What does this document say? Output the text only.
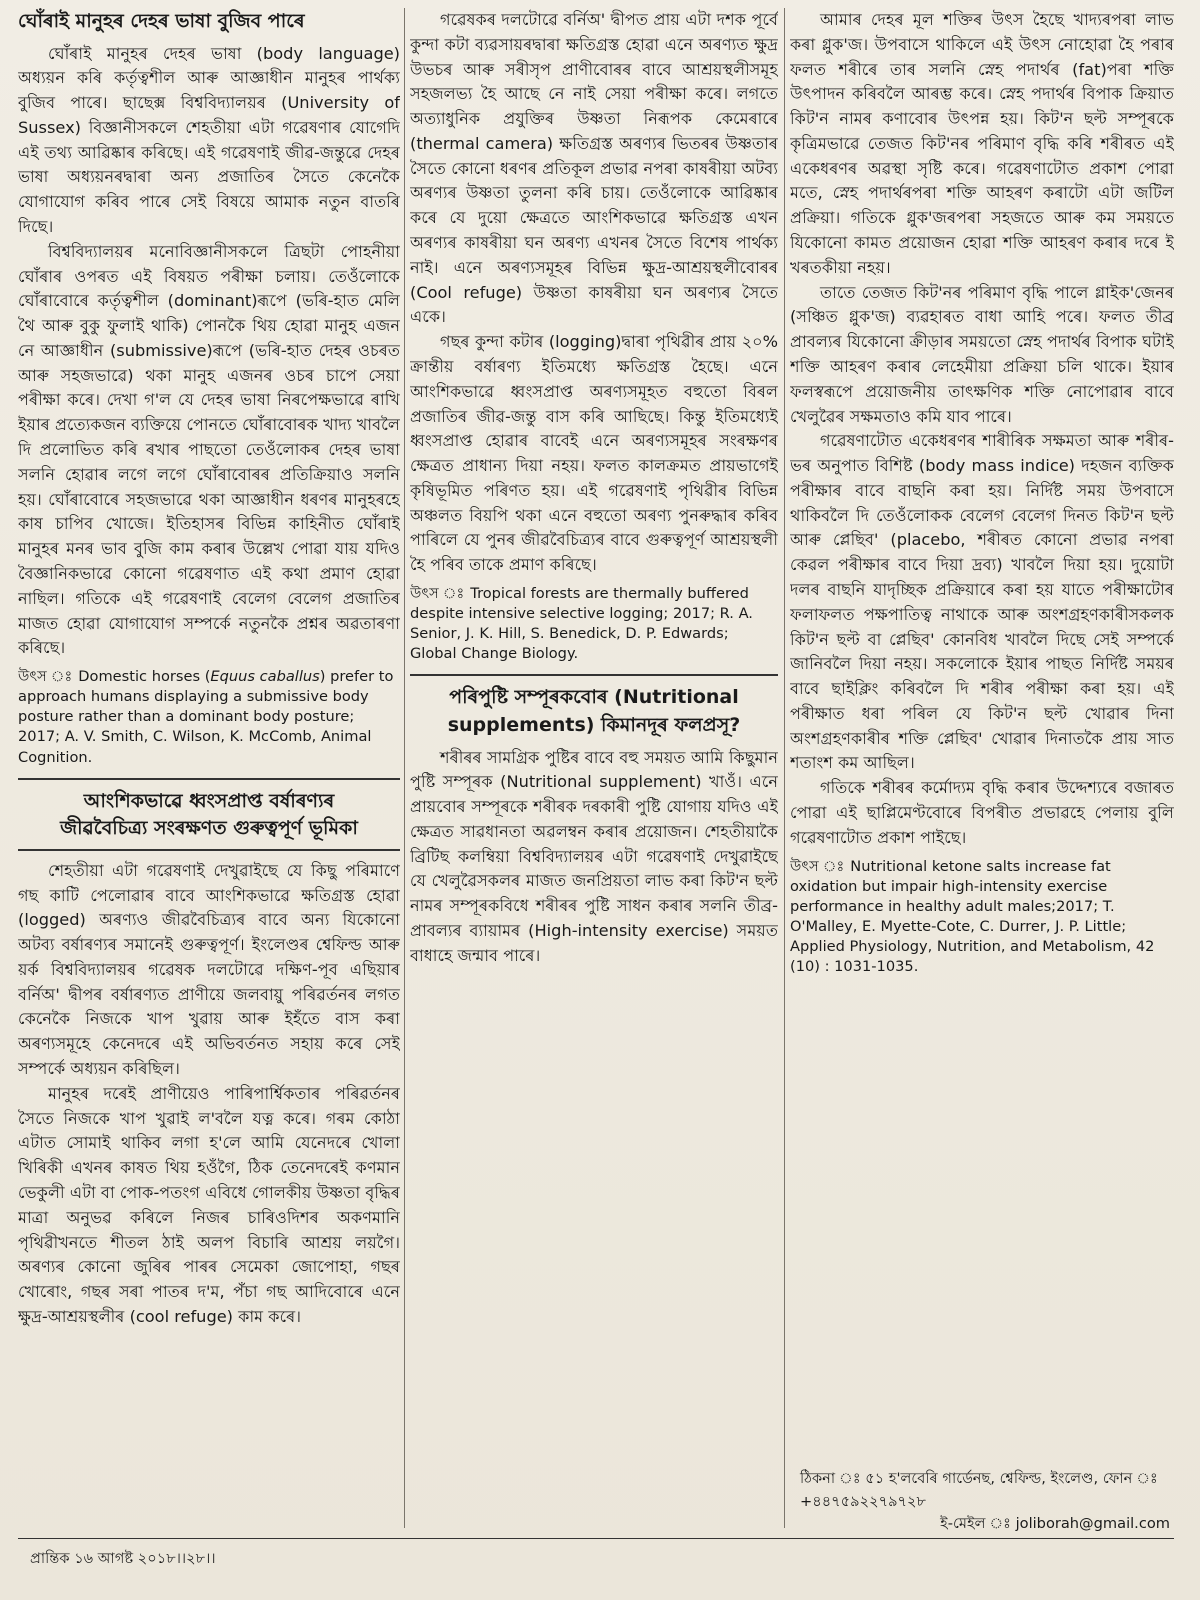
ঘোঁৰাই মানুহৰ দেহৰ ভাষা বুজিব পাৰে

ঘোঁৰাই মানুহৰ দেহৰ ভাষা (body language) অধ্যয়ন কৰি কৰ্তৃত্বশীল আৰু আজ্ঞাধীন মানুহৰ পাৰ্থক্য বুজিব পাৰে। ছাছেক্স বিশ্ববিদ্যালয়ৰ (University of Sussex) বিজ্ঞানীসকলে শেহতীয়া এটা গৱেষণাৰ যোগেদি এই তথ্য আৱিষ্কাৰ কৰিছে। এই গৱেষণাই জীৱ-জন্তুৱে দেহৰ ভাষা অধ্যয়নৰদ্বাৰা অন্য প্ৰজাতিৰ সৈতে কেনেকৈ যোগাযোগ কৰিব পাৰে সেই বিষয়ে আমাক নতুন বাতৰি দিছে।

বিশ্ববিদ্যালয়ৰ মনোবিজ্ঞানীসকলে ত্ৰিছটা পোহনীয়া ঘোঁৰাৰ ওপৰত এই বিষয়ত পৰীক্ষা চলায়। তেওঁলোকে ঘোঁৰাবোৰে কৰ্তৃত্বশীল (dominant)ৰূপে (ভৰি-হাত মেলি থৈ আৰু বুকু ফুলাই থাকি) পোনকৈ থিয় হোৱা মানুহ এজন নে আজ্ঞাধীন (submissive)ৰূপে (ভৰি-হাত দেহৰ ওচৰত আৰু সহজভাৱে) থকা মানুহ এজনৰ ওচৰ চাপে সেয়া পৰীক্ষা কৰে। দেখা গ'ল যে দেহৰ ভাষা নিৰপেক্ষভাৱে ৰাখি ইয়াৰ প্ৰত্যেকজন ব্যক্তিয়ে পোনতে ঘোঁৰাবোৰক খাদ্য খাবলৈ দি প্ৰলোভিত কৰি ৰখাৰ পাছতো তেওঁলোকৰ দেহৰ ভাষা সলনি হোৱাৰ লগে লগে ঘোঁৰাবোৰৰ প্ৰতিক্ৰিয়াও সলনি হয়। ঘোঁৰাবোৰে সহজভাৱে থকা আজ্ঞাধীন ধৰণৰ মানুহৰহে কাষ চাপিব খোজে। ইতিহাসৰ বিভিন্ন কাহিনীত ঘোঁৰাই মানুহৰ মনৰ ভাব বুজি কাম কৰাৰ উল্লেখ পোৱা যায় যদিও বৈজ্ঞানিকভাৱে কোনো গৱেষণাত এই কথা প্ৰমাণ হোৱা নাছিল। গতিকে এই গৱেষণাই বেলেগ বেলেগ প্ৰজাতিৰ মাজত হোৱা যোগাযোগ সম্পৰ্কে নতুনকৈ প্ৰশ্নৰ অৱতাৰণা কৰিছে।

উৎস ঃ Domestic horses (Equus caballus) prefer to approach humans displaying a submissive body posture rather than a dominant body posture; 2017; A. V. Smith, C. Wilson, K. McComb, Animal Cognition.

আংশিকভাৱে ধ্বংসপ্ৰাপ্ত বৰ্ষাৰণ্যৰ
জীৱবৈচিত্ৰ্য সংৰক্ষণত গুৰুত্বপূৰ্ণ ভূমিকা

শেহতীয়া এটা গৱেষণাই দেখুৱাইছে যে কিছু পৰিমাণে গছ কাটি পেলোৱাৰ বাবে আংশিকভাৱে ক্ষতিগ্ৰস্ত হোৱা (logged) অৰণ্যও জীৱবৈচিত্ৰ্যৰ বাবে অন্য যিকোনো অটব্য বৰ্ষাৰণ্যৰ সমানেই গুৰুত্বপূৰ্ণ। ইংলেণ্ডৰ শ্বেফিল্ড আৰু য়ৰ্ক বিশ্ববিদ্যালয়ৰ গৱেষক দলটোৱে দক্ষিণ-পূব এছিয়াৰ বৰ্নিঅ' দ্বীপৰ বৰ্ষাৰণ্যত প্ৰাণীয়ে জলবায়ু পৰিৱৰ্তনৰ লগত কেনেকৈ নিজকে খাপ খুৱায় আৰু ইহঁতে বাস কৰা অৰণ্যসমূহে কেনেদৰে এই অভিবৰ্তনত সহায় কৰে সেই সম্পৰ্কে অধ্যয়ন কৰিছিল।

মানুহৰ দৰেই প্ৰাণীয়েও পাৰিপাৰ্শ্বিকতাৰ পৰিৱৰ্তনৰ সৈতে নিজকে খাপ খুৱাই ল'বলৈ যত্ন কৰে। গৰম কোঠা এটাত সোমাই থাকিব লগা হ'লে আমি যেনেদৰে খোলা খিৰিকী এখনৰ কাষত থিয় হওঁগৈ, ঠিক তেনেদৰেই কণমান ভেকুলী এটা বা পোক-পতংগ এবিধে গোলকীয় উষ্ণতা বৃদ্ধিৰ মাত্ৰা অনুভৱ কৰিলে নিজৰ চাৰিওদিশৰ অকণমানি পৃথিৱীখনতে শীতল ঠাই অলপ বিচাৰি আশ্ৰয় লয়গৈ। অৰণ্যৰ কোনো জুৰিৰ পাৰৰ সেমেকা জোপোহা, গছৰ খোৰোং, গছৰ সৰা পাতৰ দ'ম, পঁচা গছ আদিবোৰে এনে ক্ষুদ্ৰ-আশ্ৰয়স্থলীৰ (cool refuge) কাম কৰে।

গৱেষকৰ দলটোৱে বৰ্নিঅ' দ্বীপত প্ৰায় এটা দশক পূৰ্বে কুন্দা কটা ব্যৱসায়ৰদ্বাৰা ক্ষতিগ্ৰস্ত হোৱা এনে অৰণ্যত ক্ষুদ্ৰ উভচৰ আৰু সৰীসৃপ প্ৰাণীবোৰৰ বাবে আশ্ৰয়স্থলীসমূহ সহজলভ্য হৈ আছে নে নাই সেয়া পৰীক্ষা কৰে। লগতে অত্যাধুনিক প্ৰযুক্তিৰ উষ্ণতা নিৰূপক কেমেৰাৰে (thermal camera) ক্ষতিগ্ৰস্ত অৰণ্যৰ ভিতৰৰ উষ্ণতাৰ সৈতে কোনো ধৰণৰ প্ৰতিকূল প্ৰভাৱ নপৰা কাষৰীয়া অটব্য অৰণ্যৰ উষ্ণতা তুলনা কৰি চায়। তেওঁলোকে আৱিষ্কাৰ কৰে যে দুয়ো ক্ষেত্ৰতে আংশিকভাৱে ক্ষতিগ্ৰস্ত এখন অৰণ্যৰ কাষৰীয়া ঘন অৰণ্য এখনৰ সৈতে বিশেষ পাৰ্থক্য নাই। এনে অৰণ্যসমূহৰ বিভিন্ন ক্ষুদ্ৰ-আশ্ৰয়স্থলীবোৰৰ (Cool refuge) উষ্ণতা কাষৰীয়া ঘন অৰণ্যৰ সৈতে একে।

গছৰ কুন্দা কটাৰ (logging)দ্বাৰা পৃথিৱীৰ প্ৰায় ২০% ক্ৰান্তীয় বৰ্ষাৰণ্য ইতিমধ্যে ক্ষতিগ্ৰস্ত হৈছে। এনে আংশিকভাৱে ধ্বংসপ্ৰাপ্ত অৰণ্যসমূহত বহুতো বিৰল প্ৰজাতিৰ জীৱ-জন্তু বাস কৰি আছিছে। কিন্তু ইতিমধ্যেই ধ্বংসপ্ৰাপ্ত হোৱাৰ বাবেই এনে অৰণ্যসমূহৰ সংৰক্ষণৰ ক্ষেত্ৰত প্ৰাধান্য দিয়া নহয়। ফলত কালক্ৰমত প্ৰায়ভাগেই কৃষিভূমিত পৰিণত হয়। এই গৱেষণাই পৃথিৱীৰ বিভিন্ন অঞ্চলত বিয়পি থকা এনে বহুতো অৰণ্য পুনৰুদ্ধাৰ কৰিব পাৰিলে যে পুনৰ জীৱবৈচিত্ৰ্যৰ বাবে গুৰুত্বপূৰ্ণ আশ্ৰয়স্থলী হৈ পৰিব তাকে প্ৰমাণ কৰিছে।

উৎস ঃ Tropical forests are thermally buffered despite intensive selective logging; 2017; R. A. Senior, J. K. Hill, S. Benedick, D. P. Edwards; Global Change Biology.

পৰিপুষ্টি সম্পূৰকবোৰ (Nutritional supplements) কিমানদূৰ ফলপ্ৰসূ?

শৰীৰৰ সামগ্ৰিক পুষ্টিৰ বাবে বহু সময়ত আমি কিছুমান পুষ্টি সম্পূৰক (Nutritional supplement) খাওঁ। এনে প্ৰায়বোৰ সম্পূৰকে শৰীৰক দৰকাৰী পুষ্টি যোগায় যদিও এই ক্ষেত্ৰত সাৱধানতা অৱলম্বন কৰাৰ প্ৰয়োজন। শেহতীয়াকৈ ব্ৰিটিছ কলম্বিয়া বিশ্ববিদ্যালয়ৰ এটা গৱেষণাই দেখুৱাইছে যে খেলুৱৈসকলৰ মাজত জনপ্ৰিয়তা লাভ কৰা কিট'ন ছল্ট নামৰ সম্পূৰকবিধে শৰীৰৰ পুষ্টি সাধন কৰাৰ সলনি তীব্ৰ-প্ৰাবল্যৰ ব্যায়ামৰ (High-intensity exercise) সময়ত বাধাহে জন্মাব পাৰে।

আমাৰ দেহৰ মূল শক্তিৰ উৎস হৈছে খাদ্যৰপৰা লাভ কৰা গ্লুক'জ। উপবাসে থাকিলে এই উৎস নোহোৱা হৈ পৰাৰ ফলত শৰীৰে তাৰ সলনি স্নেহ পদাৰ্থৰ (fat)পৰা শক্তি উৎপাদন কৰিবলৈ আৰম্ভ কৰে। স্নেহ পদাৰ্থৰ বিপাক ক্ৰিয়াত কিট'ন নামৰ কণাবোৰ উৎপন্ন হয়। কিট'ন ছল্ট সম্পূৰকে কৃত্ৰিমভাৱে তেজত কিট'নৰ পৰিমাণ বৃদ্ধি কৰি শৰীৰত এই একেধৰণৰ অৱস্থা সৃষ্টি কৰে। গৱেষণাটোত প্ৰকাশ পোৱা মতে, স্নেহ পদাৰ্থৰপৰা শক্তি আহৰণ কৰাটো এটা জটিল প্ৰক্ৰিয়া। গতিকে গ্লুক'জৰপৰা সহজতে আৰু কম সময়তে যিকোনো কামত প্ৰয়োজন হোৱা শক্তি আহৰণ কৰাৰ দৰে ই খৰতকীয়া নহয়।

তাতে তেজত কিট'নৰ পৰিমাণ বৃদ্ধি পালে গ্লাইক'জেনৰ (সঞ্চিত গ্লুক'জ) ব্যৱহাৰত বাধা আহি পৰে। ফলত তীব্ৰ প্ৰাবল্যৰ যিকোনো ক্ৰীড়াৰ সময়তো স্নেহ পদাৰ্থৰ বিপাক ঘটাই শক্তি আহৰণ কৰাৰ লেহেমীয়া প্ৰক্ৰিয়া চলি থাকে। ইয়াৰ ফলস্বৰূপে প্ৰয়োজনীয় তাৎক্ষণিক শক্তি নোপোৱাৰ বাবে খেলুৱৈৰ সক্ষমতাও কমি যাব পাৰে।

গৱেষণাটোত একেধৰণৰ শাৰীৰিক সক্ষমতা আৰু শৰীৰ-ভৰ অনুপাত বিশিষ্ট (body mass indice) দহজন ব্যক্তিক পৰীক্ষাৰ বাবে বাছনি কৰা হয়। নিৰ্দিষ্ট সময় উপবাসে থাকিবলৈ দি তেওঁলোকক বেলেগ বেলেগ দিনত কিট'ন ছল্ট আৰু প্লেছিব' (placebo, শৰীৰত কোনো প্ৰভাৱ নপৰা কেৱল পৰীক্ষাৰ বাবে দিয়া দ্ৰব্য) খাবলৈ দিয়া হয়। দুয়োটা দলৰ বাছনি যাদৃচ্ছিক প্ৰক্ৰিয়াৰে কৰা হয় যাতে পৰীক্ষাটোৰ ফলাফলত পক্ষপাতিত্ব নাথাকে আৰু অংশগ্ৰহণকাৰীসকলক কিট'ন ছল্ট বা প্লেছিব' কোনবিধ খাবলৈ দিছে সেই সম্পৰ্কে জানিবলৈ দিয়া নহয়। সকলোকে ইয়াৰ পাছত নিৰ্দিষ্ট সময়ৰ বাবে ছাইক্লিং কৰিবলৈ দি শৰীৰ পৰীক্ষা কৰা হয়। এই পৰীক্ষাত ধৰা পৰিল যে কিট'ন ছল্ট খোৱাৰ দিনা অংশগ্ৰহণকাৰীৰ শক্তি প্লেছিব' খোৱাৰ দিনাতকৈ প্ৰায় সাত শতাংশ কম আছিল।

গতিকে শৰীৰৰ কৰ্মোদ্যম বৃদ্ধি কৰাৰ উদ্দেশ্যৰে বজাৰত পোৱা এই ছাপ্লিমেণ্টবোৰে বিপৰীত প্ৰভাৱহে পেলায় বুলি গৱেষণাটোত প্ৰকাশ পাইছে।

উৎস ঃ Nutritional ketone salts increase fat oxidation but impair high-intensity exercise performance in healthy adult males;2017; T. O'Malley, E. Myette-Cote, C. Durrer, J. P. Little; Applied Physiology, Nutrition, and Metabolism, 42 (10) : 1031-1035.

ঠিকনা ঃ ৫১ হ'লবেৰি গাৰ্ডেনছ, শ্বেফিল্ড, ইংলেণ্ড, ফোন ঃ +৪৪৭৫৯২২৭৯৭২৮
ই-মেইল ঃ joliborah@gmail.com
প্ৰান্তিক ১৬ আগষ্ট ২০১৮।।২৮।।
